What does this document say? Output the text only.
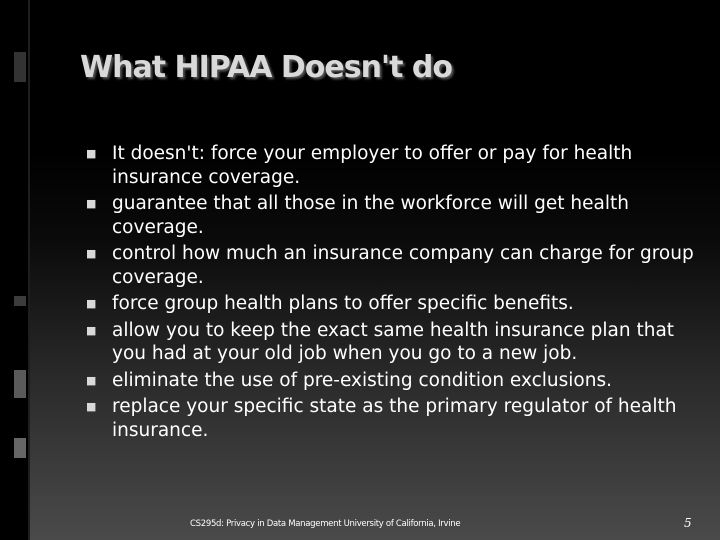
What HIPAA Doesn't do
■ It doesn't: force your employer to offer or pay for health insurance coverage.
■ guarantee that all those in the workforce will get health coverage.
■ control how much an insurance company can charge for group coverage.
■ force group health plans to offer specific benefits.
■ allow you to keep the exact same health insurance plan that you had at your old job when you go to a new job.
■ eliminate the use of pre-existing condition exclusions.
■ replace your specific state as the primary regulator of health insurance.
CS295d: Privacy in Data Management University of California, Irvine	5
